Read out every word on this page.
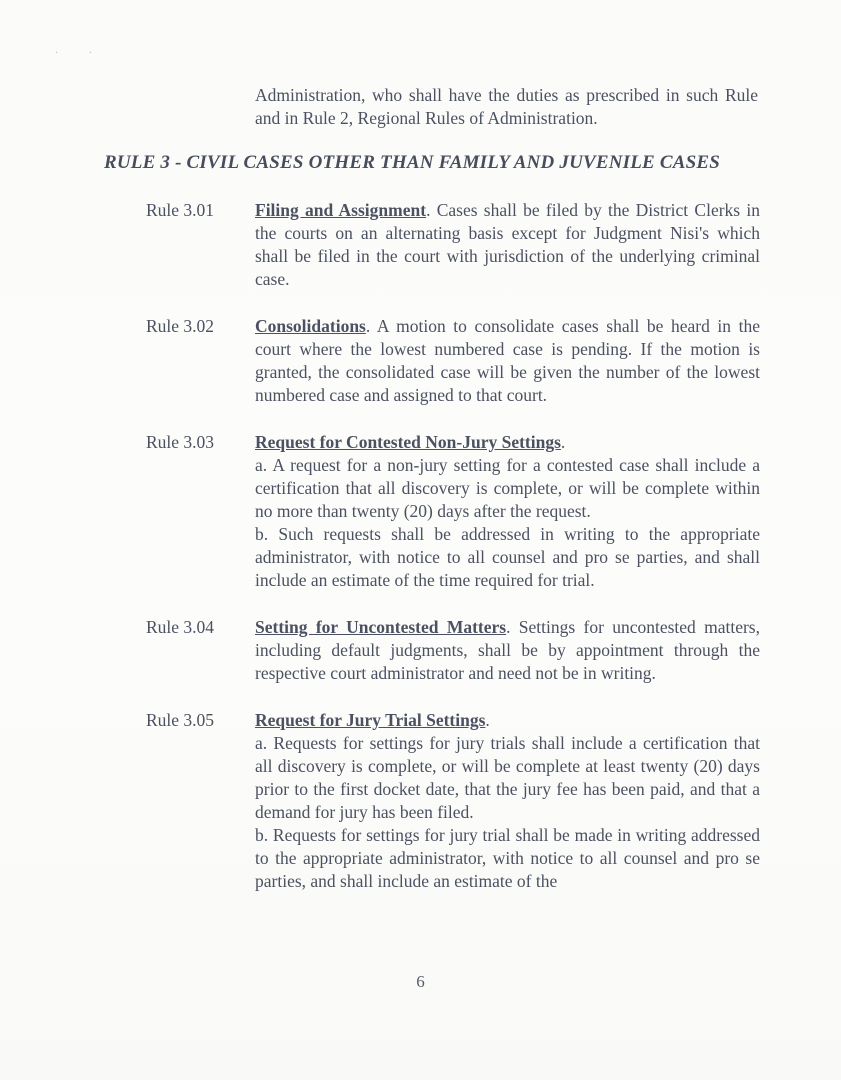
. .

Administration, who shall have the duties as prescribed in such Rule and in Rule 2, Regional Rules of Administration.

RULE 3 - CIVIL CASES OTHER THAN FAMILY AND JUVENILE CASES
Rule 3.01	Filing and Assignment. Cases shall be filed by the District Clerks in the courts on an alternating basis except for Judgment Nisi's which shall be filed in the court with jurisdiction of the underlying criminal case.

Rule 3.02	Consolidations. A motion to consolidate cases shall be heard in the court where the lowest numbered case is pending. If the motion is granted, the consolidated case will be given the number of the lowest numbered case and assigned to that court.

Rule 3.03	Request for Contested Non-Jury Settings.

a. A request for a non-jury setting for a contested case shall include a certification that all discovery is complete, or will be complete within no more than twenty (20) days after the request.

b. Such requests shall be addressed in writing to the appropriate administrator, with notice to all counsel and pro se parties, and shall include an estimate of the time required for trial.

Rule 3.04	Setting for Uncontested Matters. Settings for uncontested matters, including default judgments, shall be by appointment through the respective court administrator and need not be in writing.

Rule 3.05	Request for Jury Trial Settings.

a. Requests for settings for jury trials shall include a certification that all discovery is complete, or will be complete at least twenty (20) days prior to the first docket date, that the jury fee has been paid, and that a demand for jury has been filed.

b. Requests for settings for jury trial shall be made in writing addressed to the appropriate administrator, with notice to all counsel and pro se parties, and shall include an estimate of the

6
